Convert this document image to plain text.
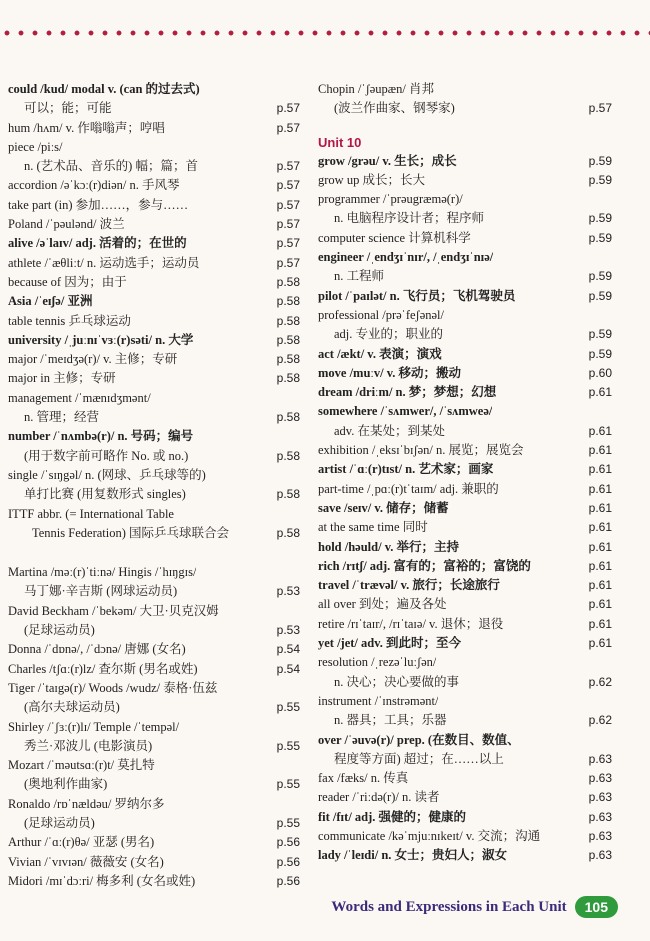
could /kud/ modal v. (can 的过去式)
可以；能；可能	p.57
hum /hʌm/ v. 作嗡嗡声；哼唱	p.57
piece /piːs/
n. (艺术品、音乐的) 幅；篇；首	p.57
accordion /əˈkɔː(r)diən/ n. 手风琴	p.57
take part (in) 参加……，参与……	p.57
Poland /ˈpəulənd/ 波兰	p.57
alive /əˈlaɪv/ adj. 活着的；在世的	p.57
athlete /ˈæθliːt/ n. 运动选手；运动员	p.57
because of 因为；由于	p.58
Asia /ˈeɪʃə/ 亚洲	p.58
table tennis 乒乓球运动	p.58
university /ˌjuːnɪˈvɜː(r)səti/ n. 大学	p.58
major /ˈmeɪdʒə(r)/ v. 主修；专研	p.58
major in 主修；专研	p.58
management /ˈmænɪdʒmənt/
n. 管理；经营	p.58
number /ˈnʌmbə(r)/ n. 号码；编号
(用于数字前可略作 No. 或 no.)	p.58
single /ˈsɪŋgəl/ n. (网球、乒乓球等的)
单打比赛 (用复数形式 singles)	p.58
ITTF abbr. (= International Table
Tennis Federation) 国际乒乓球联合会	p.58
Martina /məː(r)ˈtiːnə/ Hingis /ˈhɪŋgɪs/
马丁娜·辛吉斯 (网球运动员)	p.53
David Beckham /ˈbekəm/ 大卫·贝克汉姆
(足球运动员)	p.53
Donna /ˈdɒnə/, /ˈdɔnə/ 唐娜 (女名)	p.54
Charles /tʃɑː(r)lz/ 查尔斯 (男名或姓)	p.54
Tiger /ˈtaɪgə(r)/ Woods /wudz/ 泰格·伍兹
(高尔夫球运动员)	p.55
Shirley /ˈʃɜː(r)lɪ/ Temple /ˈtempəl/
秀兰·邓波儿 (电影演员)	p.55
Mozart /ˈməutsɑː(r)t/ 莫扎特
(奥地利作曲家)	p.55
Ronaldo /rɒˈnældəu/ 罗纳尔多
(足球运动员)	p.55
Arthur /ˈɑː(r)θə/ 亚瑟 (男名)	p.56
Vivian /ˈvɪvɪən/ 薇薇安 (女名)	p.56
Midori /mɪˈdɔːri/ 梅多利 (女名或姓)	p.56
Chopin /ˈʃəupæn/ 肖邦
(波兰作曲家、钢琴家)	p.57
Unit 10
grow /grəu/ v. 生长；成长	p.59
grow up 成长；长大	p.59
programmer /ˈprəugræmə(r)/
n. 电脑程序设计者；程序师	p.59
computer science 计算机科学	p.59
engineer /ˌendʒɪˈnɪr/, /ˌendʒɪˈnɪə/
n. 工程师	p.59
pilot /ˈpaɪlət/ n. 飞行员；飞机驾驶员	p.59
professional /prəˈfeʃənəl/
adj. 专业的；职业的	p.59
act /ækt/ v. 表演；演戏	p.59
move /muːv/ v. 移动；搬动	p.60
dream /driːm/ n. 梦；梦想；幻想	p.61
somewhere /ˈsʌmwer/, /ˈsʌmweə/
adv. 在某处；到某处	p.61
exhibition /ˌeksɪˈbɪʃən/ n. 展览；展览会	p.61
artist /ˈɑː(r)tɪst/ n. 艺术家；画家	p.61
part-time /ˌpɑː(r)tˈtaɪm/ adj. 兼职的	p.61
save /seɪv/ v. 储存；储蓄	p.61
at the same time 同时	p.61
hold /həuld/ v. 举行；主持	p.61
rich /rɪtʃ/ adj. 富有的；富裕的；富饶的	p.61
travel /ˈtrævəl/ v. 旅行；长途旅行	p.61
all over 到处；遍及各处	p.61
retire /rɪˈtaɪr/, /rɪˈtaɪə/ v. 退休；退役	p.61
yet /jet/ adv. 到此时；至今	p.61
resolution /ˌrezəˈluːʃən/
n. 决心；决心要做的事	p.62
instrument /ˈɪnstrəmənt/
n. 器具；工具；乐器	p.62
over /ˈəuvə(r)/ prep. (在数目、数值、
程度等方面) 超过；在……以上	p.63
fax /fæks/ n. 传真	p.63
reader /ˈriːdə(r)/ n. 读者	p.63
fit /fɪt/ adj. 强健的；健康的	p.63
communicate /kəˈmjuːnɪkeɪt/ v. 交流；沟通	p.63
lady /ˈleɪdi/ n. 女士；贵妇人；淑女	p.63
Words and Expressions in Each Unit	105
